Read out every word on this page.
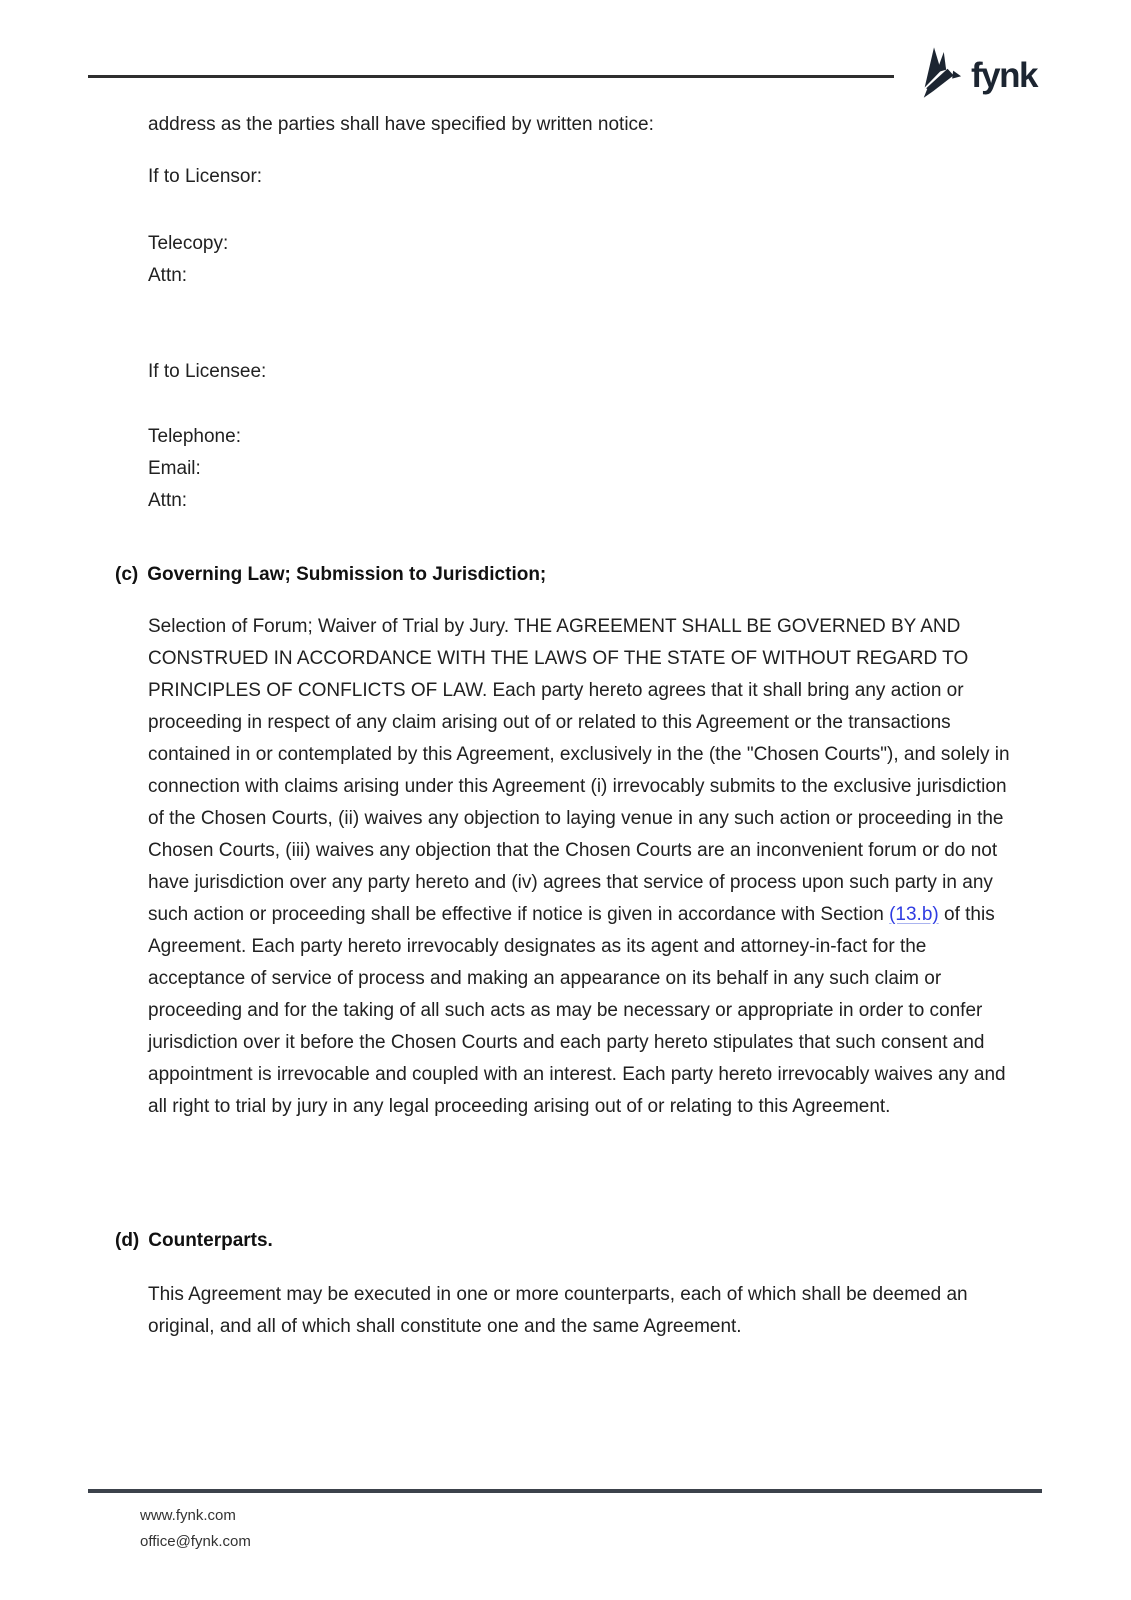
fynk
address as the parties shall have specified by written notice:
If to Licensor:
Telecopy:
Attn:
If to Licensee:
Telephone:
Email:
Attn:
(c) Governing Law; Submission to Jurisdiction;
Selection of Forum; Waiver of Trial by Jury. THE AGREEMENT SHALL BE GOVERNED BY AND CONSTRUED IN ACCORDANCE WITH THE LAWS OF THE STATE OF WITHOUT REGARD TO PRINCIPLES OF CONFLICTS OF LAW. Each party hereto agrees that it shall bring any action or proceeding in respect of any claim arising out of or related to this Agreement or the transactions contained in or contemplated by this Agreement, exclusively in the (the "Chosen Courts"), and solely in connection with claims arising under this Agreement (i) irrevocably submits to the exclusive jurisdiction of the Chosen Courts, (ii) waives any objection to laying venue in any such action or proceeding in the Chosen Courts, (iii) waives any objection that the Chosen Courts are an inconvenient forum or do not have jurisdiction over any party hereto and (iv) agrees that service of process upon such party in any such action or proceeding shall be effective if notice is given in accordance with Section (13.b) of this Agreement. Each party hereto irrevocably designates as its agent and attorney-in-fact for the acceptance of service of process and making an appearance on its behalf in any such claim or proceeding and for the taking of all such acts as may be necessary or appropriate in order to confer jurisdiction over it before the Chosen Courts and each party hereto stipulates that such consent and appointment is irrevocable and coupled with an interest. Each party hereto irrevocably waives any and all right to trial by jury in any legal proceeding arising out of or relating to this Agreement.
(d) Counterparts.
This Agreement may be executed in one or more counterparts, each of which shall be deemed an original, and all of which shall constitute one and the same Agreement.
www.fynk.com
office@fynk.com
